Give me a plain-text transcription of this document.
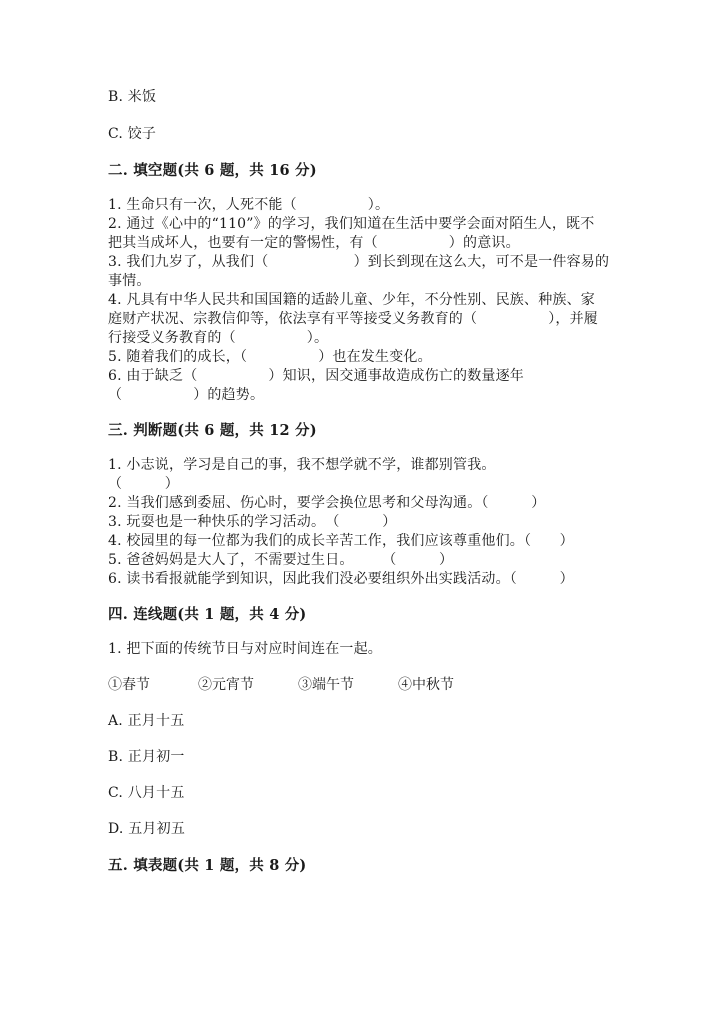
B. 米饭
C. 饺子
二. 填空题(共 6 题，共 16 分)
1. 生命只有一次，人死不能（　　　　　）。
2. 通过《心中的“110”》的学习，我们知道在生活中要学会面对陌生人，既不
把其当成坏人，也要有一定的警惕性，有（　　　　　）的意识。
3. 我们九岁了，从我们（　　　　　　）到长到现在这么大，可不是一件容易的
事情。
4. 凡具有中华人民共和国国籍的适龄儿童、少年，不分性别、民族、种族、家
庭财产状况、宗教信仰等，依法享有平等接受义务教育的（　　　　　），并履
行接受义务教育的（　　　　　）。
5. 随着我们的成长，（　　　　　）也在发生变化。
6. 由于缺乏（　　　　　）知识，因交通事故造成伤亡的数量逐年
（　　　　　）的趋势。
三. 判断题(共 6 题，共 12 分)
1. 小志说，学习是自己的事，我不想学就不学，谁都别管我。
（　　　）
2. 当我们感到委屈、伤心时，要学会换位思考和父母沟通。（　　　）
3. 玩耍也是一种快乐的学习活动。　（　　　）
4. 校园里的每一位都为我们的成长辛苦工作，我们应该尊重他们。（　　）
5. 爸爸妈妈是大人了，不需要过生日。　　　（　　　）
6. 读书看报就能学到知识，因此我们没必要组织外出实践活动。（　　　）
四. 连线题(共 1 题，共 4 分)
1. 把下面的传统节日与对应时间连在一起。
①春节	②元宵节	③端午节	④中秋节
A. 正月十五
B. 正月初一
C. 八月十五
D. 五月初五
五. 填表题(共 1 题，共 8 分)
